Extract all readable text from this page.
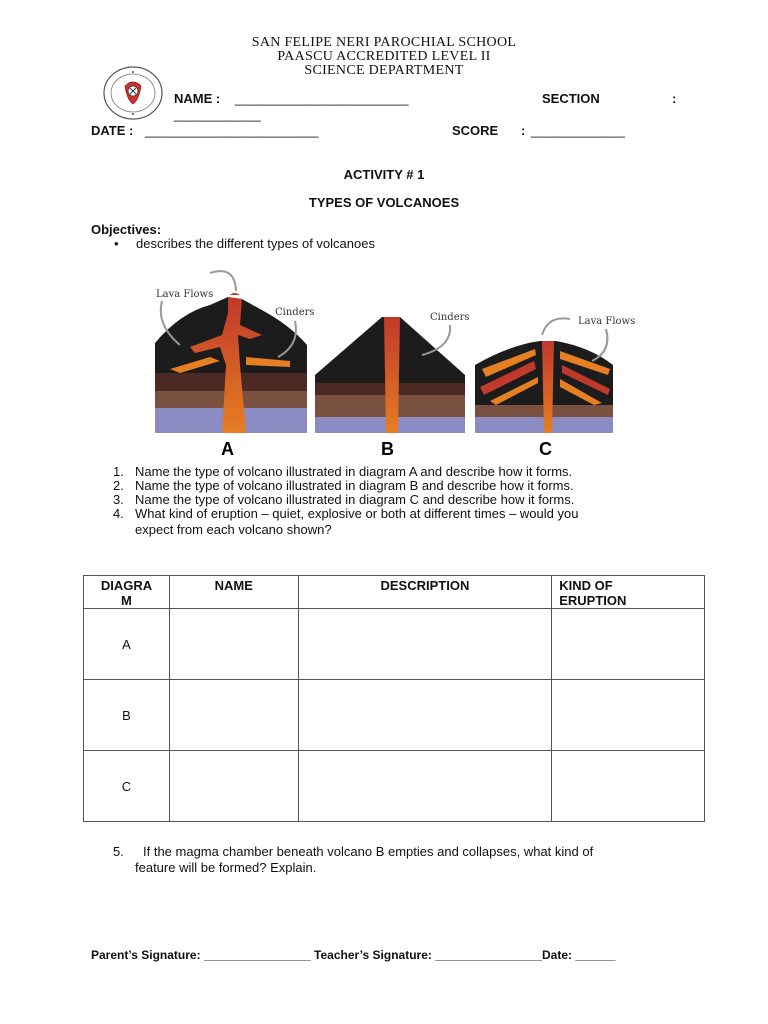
SAN FELIPE NERI PAROCHIAL SCHOOL
PAASCU ACCREDITED LEVEL II
SCIENCE DEPARTMENT
NAME : ________________________	SECTION	:
____________
DATE : ________________________	SCORE : _____________
ACTIVITY # 1
TYPES OF VOLCANOES
Objectives:
• describes the different types of volcanoes
Lava Flows
Cinders	Cinders	Lava Flows
A	B	C
1. Name the type of volcano illustrated in diagram A and describe how it forms.
2. Name the type of volcano illustrated in diagram B and describe how it forms.
3. Name the type of volcano illustrated in diagram C and describe how it forms.
4. What kind of eruption – quiet, explosive or both at different times – would you
expect from each volcano shown?
DIAGRA
M	NAME	DESCRIPTION	KIND OF
ERUPTION
A			
B			
C			
5. If the magma chamber beneath volcano B empties and collapses, what kind of
feature will be formed? Explain.
Parent’s Signature: ________________ Teacher’s Signature: ________________Date: ______
